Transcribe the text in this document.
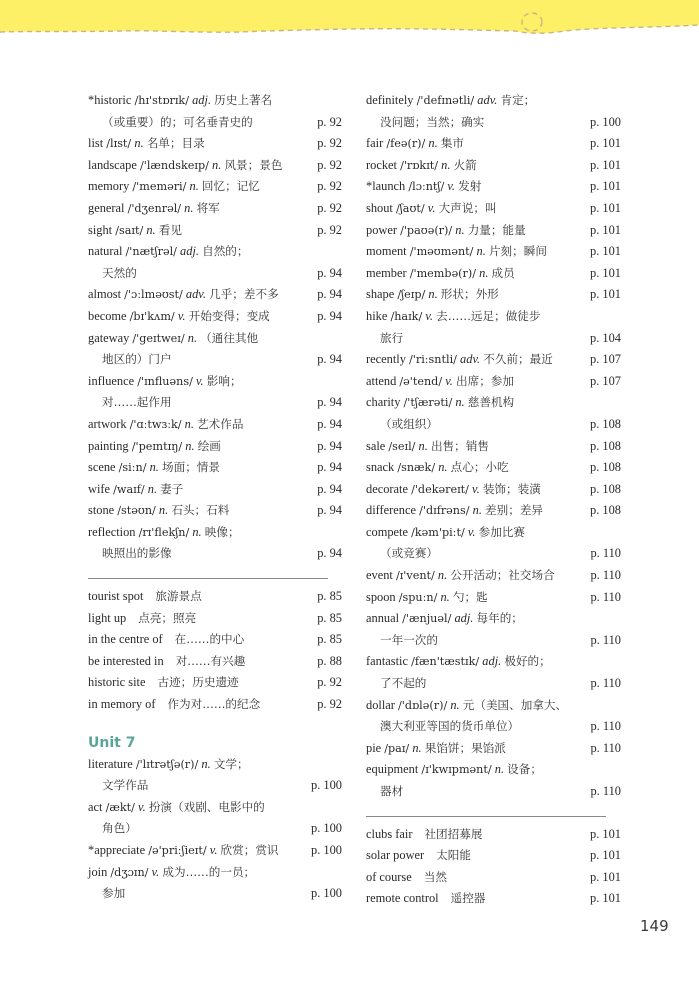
*historic /hɪ'stɒrɪk/ adj. 历史上著名
（或重要）的；可名垂青史的	p. 92
list /lɪst/ n. 名单；目录	p. 92
landscape /'lændskeɪp/ n. 风景；景色	p. 92
memory /'meməri/ n. 回忆；记忆	p. 92
general /'dʒenrəl/ n. 将军	p. 92
sight /saɪt/ n. 看见	p. 92
natural /'nætʃrəl/ adj. 自然的；
天然的	p. 94
almost /'ɔːlməʊst/ adv. 几乎；差不多	p. 94
become /bɪ'kʌm/ v. 开始变得；变成	p. 94
gateway /'geɪtweɪ/ n. （通往其他
地区的）门户	p. 94
influence /'ɪnfluəns/ v. 影响；
对……起作用	p. 94
artwork /'ɑːtwɜːk/ n. 艺术作品	p. 94
painting /'peɪntɪŋ/ n. 绘画	p. 94
scene /siːn/ n. 场面；情景	p. 94
wife /waɪf/ n. 妻子	p. 94
stone /stəʊn/ n. 石头；石料	p. 94
reflection /rɪ'flekʃn/ n. 映像；
映照出的影像	p. 94
tourist spot 旅游景点	p. 85
light up 点亮；照亮	p. 85
in the centre of 在……的中心	p. 85
be interested in 对……有兴趣	p. 88
historic site 古迹；历史遗迹	p. 92
in memory of 作为对……的纪念	p. 92
Unit 7
literature /'lɪtrətʃə(r)/ n. 文学；
文学作品	p. 100
act /ækt/ v. 扮演（戏剧、电影中的
角色）	p. 100
*appreciate /ə'priːʃieɪt/ v. 欣赏；赏识	p. 100
join /dʒɔɪn/ v. 成为……的一员；
参加	p. 100
definitely /'defɪnətli/ adv. 肯定；
没问题；当然；确实	p. 100
fair /feə(r)/ n. 集市	p. 101
rocket /'rɒkɪt/ n. 火箭	p. 101
*launch /lɔːntʃ/ v. 发射	p. 101
shout /ʃaʊt/ v. 大声说；叫	p. 101
power /'paʊə(r)/ n. 力量；能量	p. 101
moment /'məʊmənt/ n. 片刻；瞬间	p. 101
member /'membə(r)/ n. 成员	p. 101
shape /ʃeɪp/ n. 形状；外形	p. 101
hike /haɪk/ v. 去……远足；做徒步
旅行	p. 104
recently /'riːsntli/ adv. 不久前；最近	p. 107
attend /ə'tend/ v. 出席；参加	p. 107
charity /'tʃærəti/ n. 慈善机构
（或组织）	p. 108
sale /seɪl/ n. 出售；销售	p. 108
snack /snæk/ n. 点心；小吃	p. 108
decorate /'dekəreɪt/ v. 装饰；装潢	p. 108
difference /'dɪfrəns/ n. 差别；差异	p. 108
compete /kəm'piːt/ v. 参加比赛
（或竞赛）	p. 110
event /ɪ'vent/ n. 公开活动；社交场合	p. 110
spoon /spuːn/ n. 勺；匙	p. 110
annual /'ænjuəl/ adj. 每年的；
一年一次的	p. 110
fantastic /fæn'tæstɪk/ adj. 极好的；
了不起的	p. 110
dollar /'dɒlə(r)/ n. 元（美国、加拿大、
澳大利亚等国的货币单位）	p. 110
pie /paɪ/ n. 果馅饼；果馅派	p. 110
equipment /ɪ'kwɪpmənt/ n. 设备；
器材	p. 110
clubs fair 社团招募展	p. 101
solar power 太阳能	p. 101
of course 当然	p. 101
remote control 遥控器	p. 101
149
